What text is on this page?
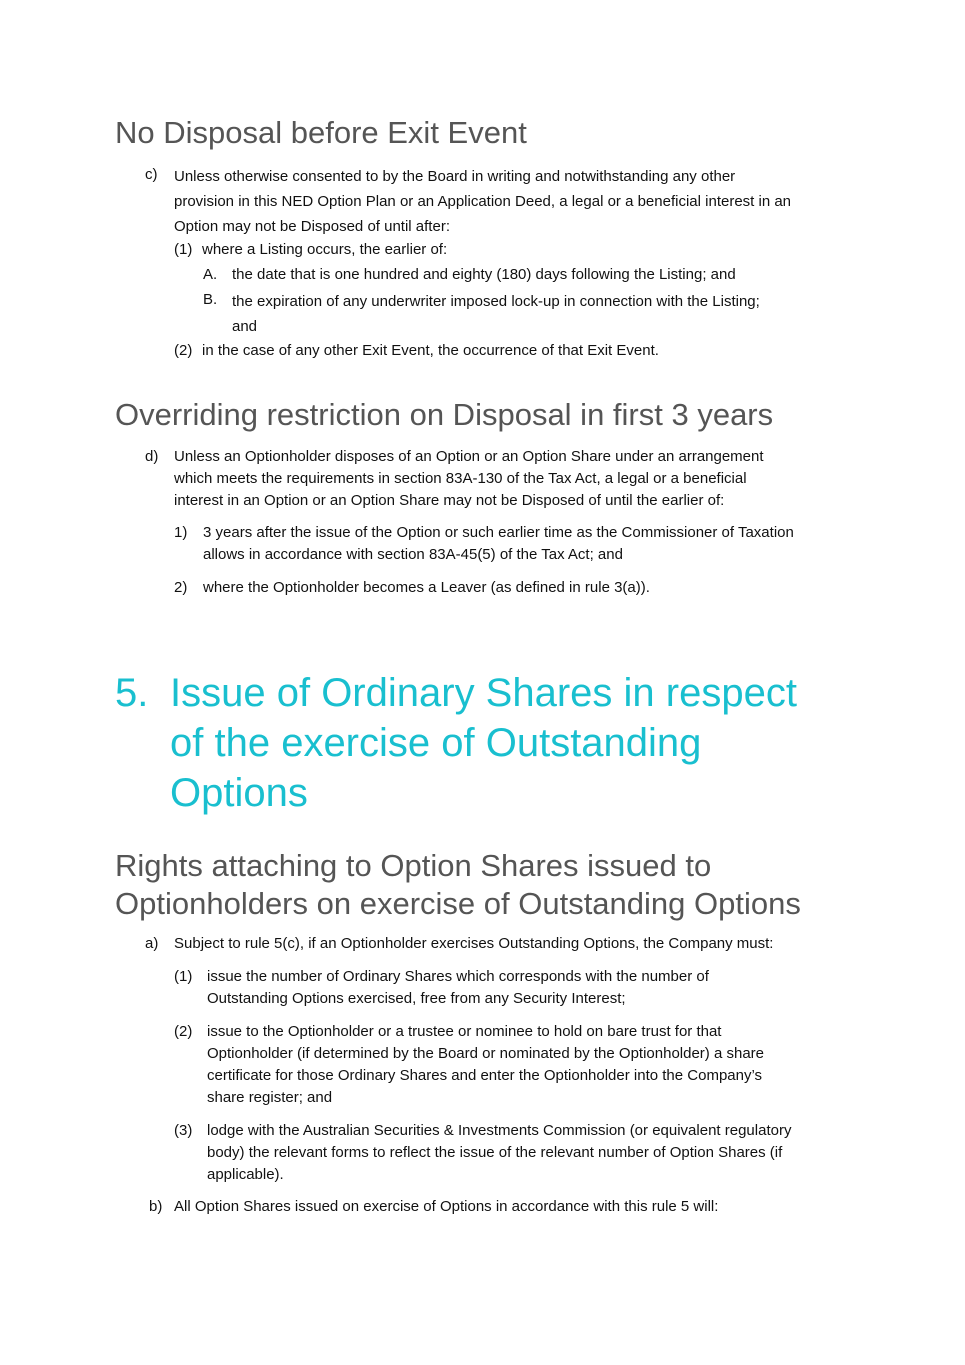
No Disposal before Exit Event
c) Unless otherwise consented to by the Board in writing and notwithstanding any other
provision in this NED Option Plan or an Application Deed, a legal or a beneficial interest in an
Option may not be Disposed of until after:
(1) where a Listing occurs, the earlier of:
A. the date that is one hundred and eighty (180) days following the Listing; and
B. the expiration of any underwriter imposed lock-up in connection with the Listing;
and
(2) in the case of any other Exit Event, the occurrence of that Exit Event.
Overriding restriction on Disposal in first 3 years
d) Unless an Optionholder disposes of an Option or an Option Share under an arrangement
which meets the requirements in section 83A-130 of the Tax Act, a legal or a beneficial
interest in an Option or an Option Share may not be Disposed of until the earlier of:
1) 3 years after the issue of the Option or such earlier time as the Commissioner of Taxation
allows in accordance with section 83A-45(5) of the Tax Act; and
2) where the Optionholder becomes a Leaver (as defined in rule 3(a)).
5. Issue of Ordinary Shares in respect
of the exercise of Outstanding
Options
Rights attaching to Option Shares issued to
Optionholders on exercise of Outstanding Options
a) Subject to rule 5(c), if an Optionholder exercises Outstanding Options, the Company must:
(1) issue the number of Ordinary Shares which corresponds with the number of
Outstanding Options exercised, free from any Security Interest;
(2) issue to the Optionholder or a trustee or nominee to hold on bare trust for that
Optionholder (if determined by the Board or nominated by the Optionholder) a share
certificate for those Ordinary Shares and enter the Optionholder into the Company’s
share register; and
(3) lodge with the Australian Securities & Investments Commission (or equivalent regulatory
body) the relevant forms to reflect the issue of the relevant number of Option Shares (if
applicable).
b) All Option Shares issued on exercise of Options in accordance with this rule 5 will:
